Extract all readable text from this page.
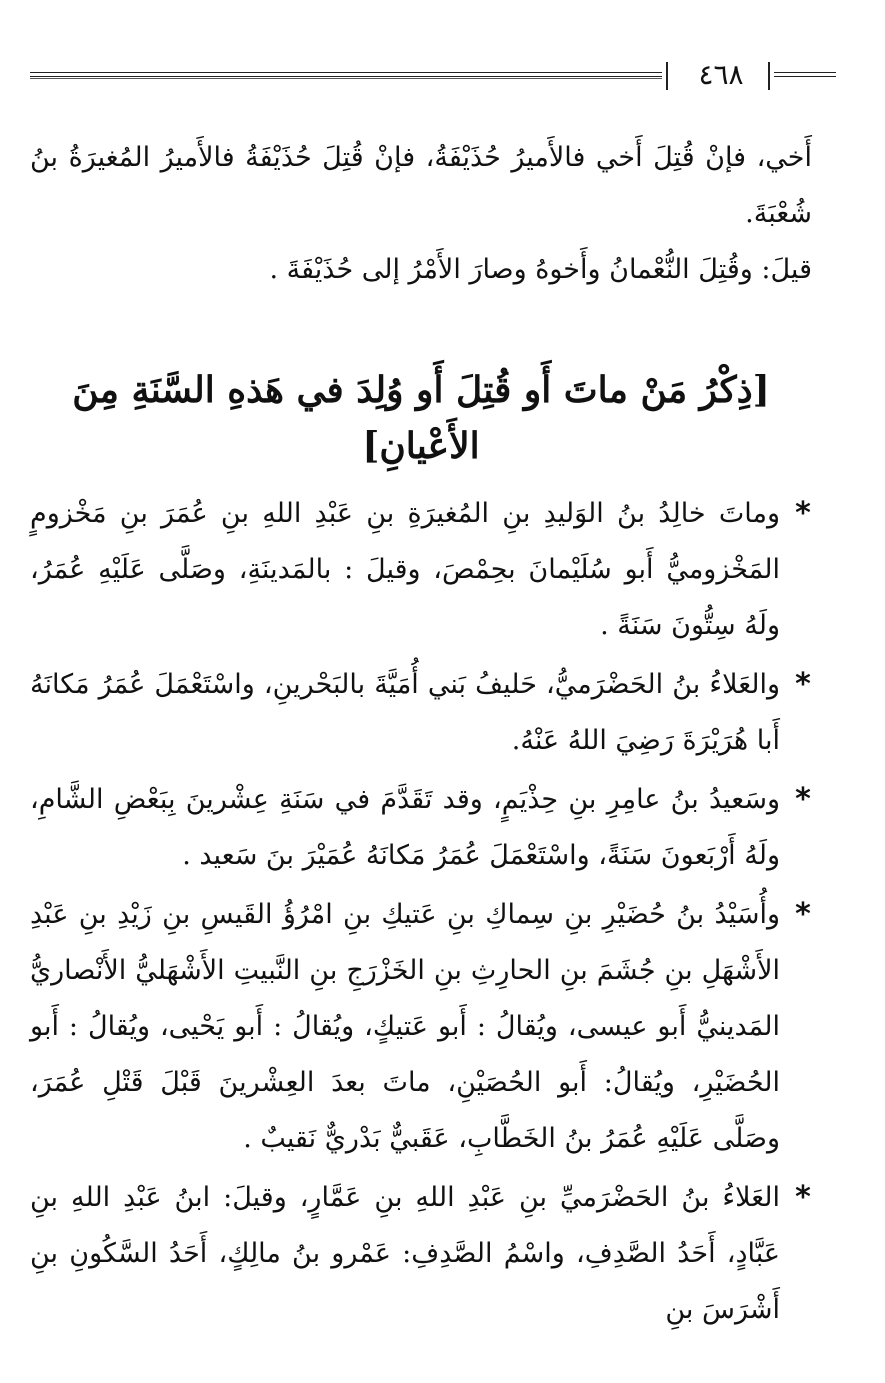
٤٦٨

أَخي، فإنْ قُتِلَ أَخي فالأَميرُ حُذَيْفَةُ، فإنْ قُتِلَ حُذَيْفَةُ فالأَميرُ المُغيرَةُ بنُ شُعْبَةَ.

قيلَ: وقُتِلَ النُّعْمانُ وأَخوهُ وصارَ الأَمْرُ إلى حُذَيْفَةَ .

[ذِكْرُ مَنْ ماتَ أَو قُتِلَ أَو وُلِدَ في هَذهِ السَّنَةِ مِنَ الأَعْيانِ]
*
وماتَ خالِدُ بنُ الوَليدِ بنِ المُغيرَةِ بنِ عَبْدِ اللهِ بنِ عُمَرَ بنِ مَخْزومٍ المَخْزوميُّ أَبو سُلَيْمانَ بحِمْصَ، وقيلَ : بالمَدينَةِ، وصَلَّى عَلَيْهِ عُمَرُ، ولَهُ سِتُّونَ سَنَةً .
*
والعَلاءُ بنُ الحَضْرَميُّ، حَليفُ بَني أُمَيَّةَ بالبَحْرينِ، واسْتَعْمَلَ عُمَرُ مَكانَهُ أَبا هُرَيْرَةَ رَضِيَ اللهُ عَنْهُ.
*
وسَعيدُ بنُ عامِرِ بنِ حِذْيَمٍ، وقد تَقَدَّمَ في سَنَةِ عِشْرينَ بِبَعْضِ الشَّامِ، ولَهُ أَرْبَعونَ سَنَةً، واسْتَعْمَلَ عُمَرُ مَكانَهُ عُمَيْرَ بنَ سَعيد .
*
وأُسَيْدُ بنُ حُضَيْرِ بنِ سِماكِ بنِ عَتيكِ بنِ امْرُؤُ القَيسِ بنِ زَيْدِ بنِ عَبْدِ الأَشْهَلِ بنِ جُشَمَ بنِ الحارِثِ بنِ الخَزْرَجِ بنِ النَّبيتِ الأَشْهَليُّ الأَنْصاريُّ المَدينيُّ أَبو عيسى، ويُقالُ : أَبو عَتيكٍ، ويُقالُ : أَبو يَحْيى، ويُقالُ : أَبو الحُضَيْرِ، ويُقالُ: أَبو الحُصَيْنِ، ماتَ بعدَ العِشْرينَ قَبْلَ قَتْلِ عُمَرَ، وصَلَّى عَلَيْهِ عُمَرُ بنُ الخَطَّابِ، عَقَبيٌّ بَدْريٌّ نَقيبٌ .
*
العَلاءُ بنُ الحَضْرَميِّ بنِ عَبْدِ اللهِ بنِ عَمَّارٍ، وقيلَ: ابنُ عَبْدِ اللهِ بنِ عَبَّادٍ، أَحَدُ الصَّدِفِ، واسْمُ الصَّدِفِ: عَمْرو بنُ مالِكٍ، أَحَدُ السَّكُونِ بنِ أَشْرَسَ بنِ
